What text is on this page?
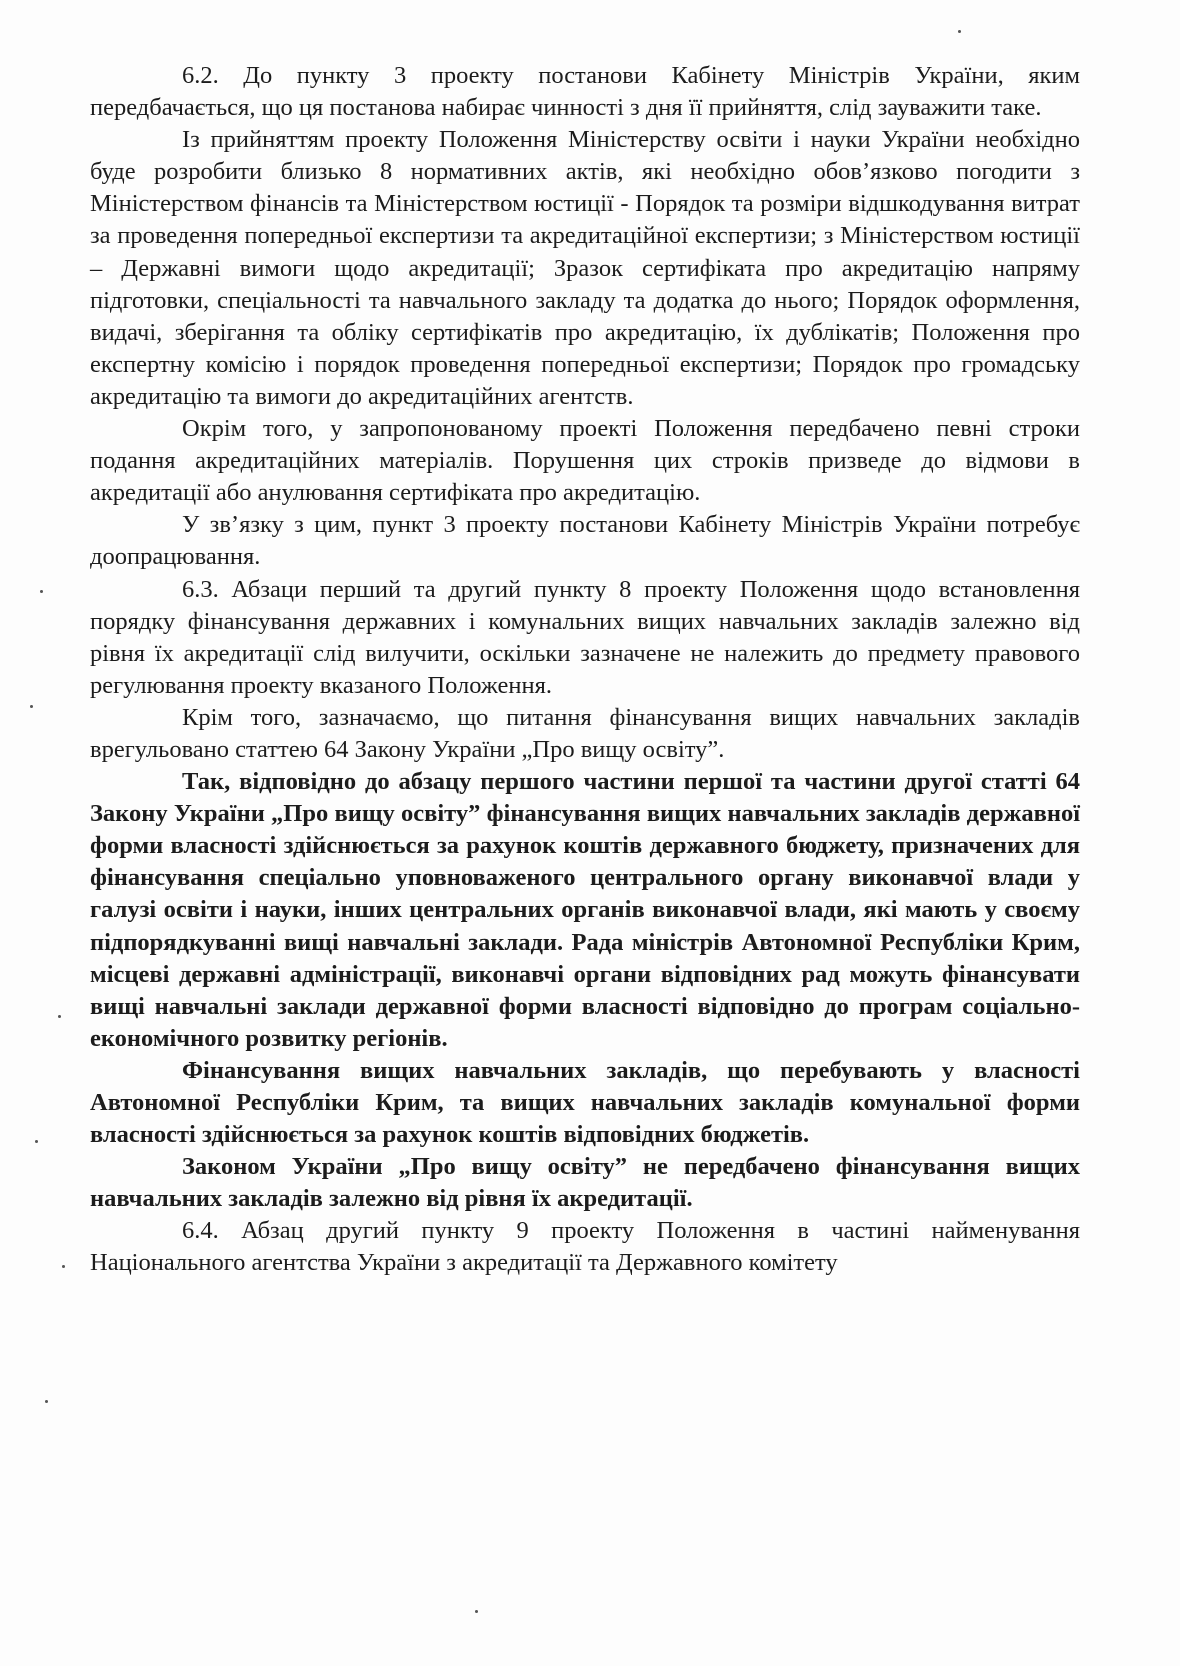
6.2. До пункту 3 проекту постанови Кабінету Міністрів України, яким передбачається, що ця постанова набирає чинності з дня її прийняття, слід зауважити таке.

Із прийняттям проекту Положення Міністерству освіти і науки України необхідно буде розробити близько 8 нормативних актів, які необхідно обов’язково погодити з Міністерством фінансів та Міністерством юстиції - Порядок та розміри відшкодування витрат за проведення попередньої експертизи та акредитаційної експертизи; з Міністерством юстиції – Державні вимоги щодо акредитації; Зразок сертифіката про акредитацію напряму підготовки, спеціальності та навчального закладу та додатка до нього; Порядок оформлення, видачі, зберігання та обліку сертифікатів про акредитацію, їх дублікатів; Положення про експертну комісію і порядок проведення попередньої експертизи; Порядок про громадську акредитацію та вимоги до акредитаційних агентств.

Окрім того, у запропонованому проекті Положення передбачено певні строки подання акредитаційних матеріалів. Порушення цих строків призведе до відмови в акредитації або анулювання сертифіката про акредитацію.

У зв’язку з цим, пункт 3 проекту постанови Кабінету Міністрів України потребує доопрацювання.

6.3. Абзаци перший та другий пункту 8 проекту Положення щодо встановлення порядку фінансування державних і комунальних вищих навчальних закладів залежно від рівня їх акредитації слід вилучити, оскільки зазначене не належить до предмету правового регулювання проекту вказаного Положення.

Крім того, зазначаємо, що питання фінансування вищих навчальних закладів врегульовано статтею 64 Закону України „Про вищу освіту”.

Так, відповідно до абзацу першого частини першої та частини другої статті 64 Закону України „Про вищу освіту” фінансування вищих навчальних закладів державної форми власності здійснюється за рахунок коштів державного бюджету, призначених для фінансування спеціально уповноваженого центрального органу виконавчої влади у галузі освіти і науки, інших центральних органів виконавчої влади, які мають у своєму підпорядкуванні вищі навчальні заклади. Рада міністрів Автономної Республіки Крим, місцеві державні адміністрації, виконавчі органи відповідних рад можуть фінансувати вищі навчальні заклади державної форми власності відповідно до програм соціально-економічного розвитку регіонів.

Фінансування вищих навчальних закладів, що перебувають у власності Автономної Республіки Крим, та вищих навчальних закладів комунальної форми власності здійснюється за рахунок коштів відповідних бюджетів.

Законом України „Про вищу освіту” не передбачено фінансування вищих навчальних закладів залежно від рівня їх акредитації.

6.4. Абзац другий пункту 9 проекту Положення в частині найменування Національного агентства України з акредитації та Державного комітету
